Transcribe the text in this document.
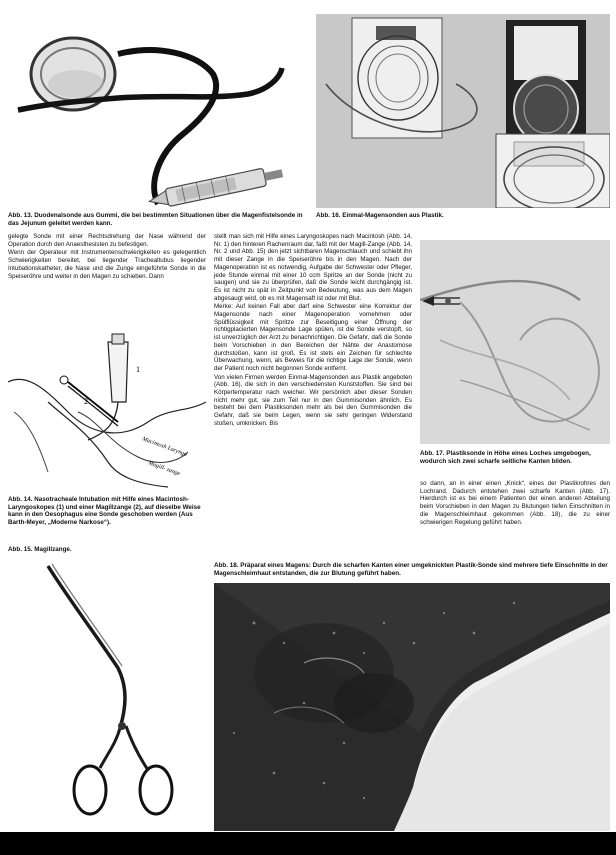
Abb. 13. Duodenalsonde aus Gummi, die bei bestimmten Situationen über die Magenfistelsonde in das Jejunum geleitet werden kann.

Abb. 16. Einmal-Magensonden aus Plastik.

gelegte Sonde mit einer Rechtsdrehung der Nase während der Operation durch den Anaesthesisten zu befestigen.

Wenn der Operateur mit Instrumentenschwierigkeiten es gelegentlich Schwierigkeiten bereitet, bei liegender Trachealtubus liegender Intubationskatheter, die Nase und die Zunge eingeführte Sonde in die Speiseröhre und weiter in den Magen zu schieben. Dann

1
2
Macintosh Laryngo
Magill- zange

Abb. 14. Nasotracheale Intubation mit Hilfe eines Macintosh-Laryngoskopes (1) und einer Magillzange (2), auf dieselbe Weise kann in den Oesophagus eine Sonde geschoben werden (Aus Barth-Meyer, „Moderne Narkose“).

Abb. 15. Magillzange.

stellt man sich mit Hilfe eines Laryngoskopes nach Macintosh (Abb. 14, Nr. 1) den hinteren Rachenraum dar, faßt mit der Magill-Zange (Abb. 14, Nr. 2 und Abb. 15) den jetzt sichtbaren Magenschlauch und schiebt ihn mit dieser Zange in die Speiseröhre bis in den Magen. Nach der Magenoperation ist es notwendig, Aufgabe der Schwester oder Pfleger, jede Stunde einmal mit einer 10 ccm Spritze an der Sonde (nicht zu saugen) und sie zu überprüfen, daß die Sonde leicht durchgängig ist. Es ist nicht zu spät in Zeitpunkt von Bedeutung, was aus dem Magen abgesaugt wird, ob es mit Magensaft ist oder mit Blut.

Merke: Auf keinen Fall aber darf eine Schwester eine Korrektur der Magensonde nach einer Magenoperation vornehmen oder Spülflüssigkeit mit Spritze zur Beseitigung einer Öffnung der richtigplacierten Magensonde Lage spülen, ist die Sonde verstopft, so ist unverzüglich der Arzt zu benachrichtigen. Die Gefahr, daß die Sonde beim Vorschieben in den Bereichen der Nähte der Anastomose durchstoßen, kann ist groß. Es ist stets ein Zeichen für schlechte Überwachung, wenn, als Beweis für die richtige Lage der Sonde, wenn der Patient noch nicht begonnen Sonde entfernt.

Von vielen Firmen werden Einmal-Magensonden aus Plastik angeboten (Abb. 16), die sich in den verschiedensten Kunststoffen. Sie sind bei Körpertemperatur nach weicher. Wir persönlich aber dieser Sonden nicht mehr gut, sie zum Teil nur in den Gummisonden ähnlich. Es besteht bei dem Plastiksonden mehr als bei den Gummisonden die Gefahr, daß sie beim Legen, wenn sie sehr geringen Widerstand stoßen, umknicken. Bis

Abb. 17. Plastiksonde in Höhe eines Loches umgebogen, wodurch sich zwei scharfe seitliche Kanten bilden.

so dann, an in einer einen „Knick“, eines der Plastikrohres den Lochrand. Dadurch entstehen zwei scharfe Kanten (Abb. 17). Hierdurch ist es bei einem Patienten der einen anderen Abteilung beim Vorschieben in den Magen zu Blutungen tiefen Einschnitten in die Magenschleimhaut gekommen (Abb. 18), die zu einer schwierigen Regelung geführt haben.

Abb. 18. Präparat eines Magens: Durch die scharfen Kanten einer umgeknickten Plastik-Sonde sind mehrere tiefe Einschnitte in der Magenschleimhaut entstanden, die zur Blutung geführt haben.
